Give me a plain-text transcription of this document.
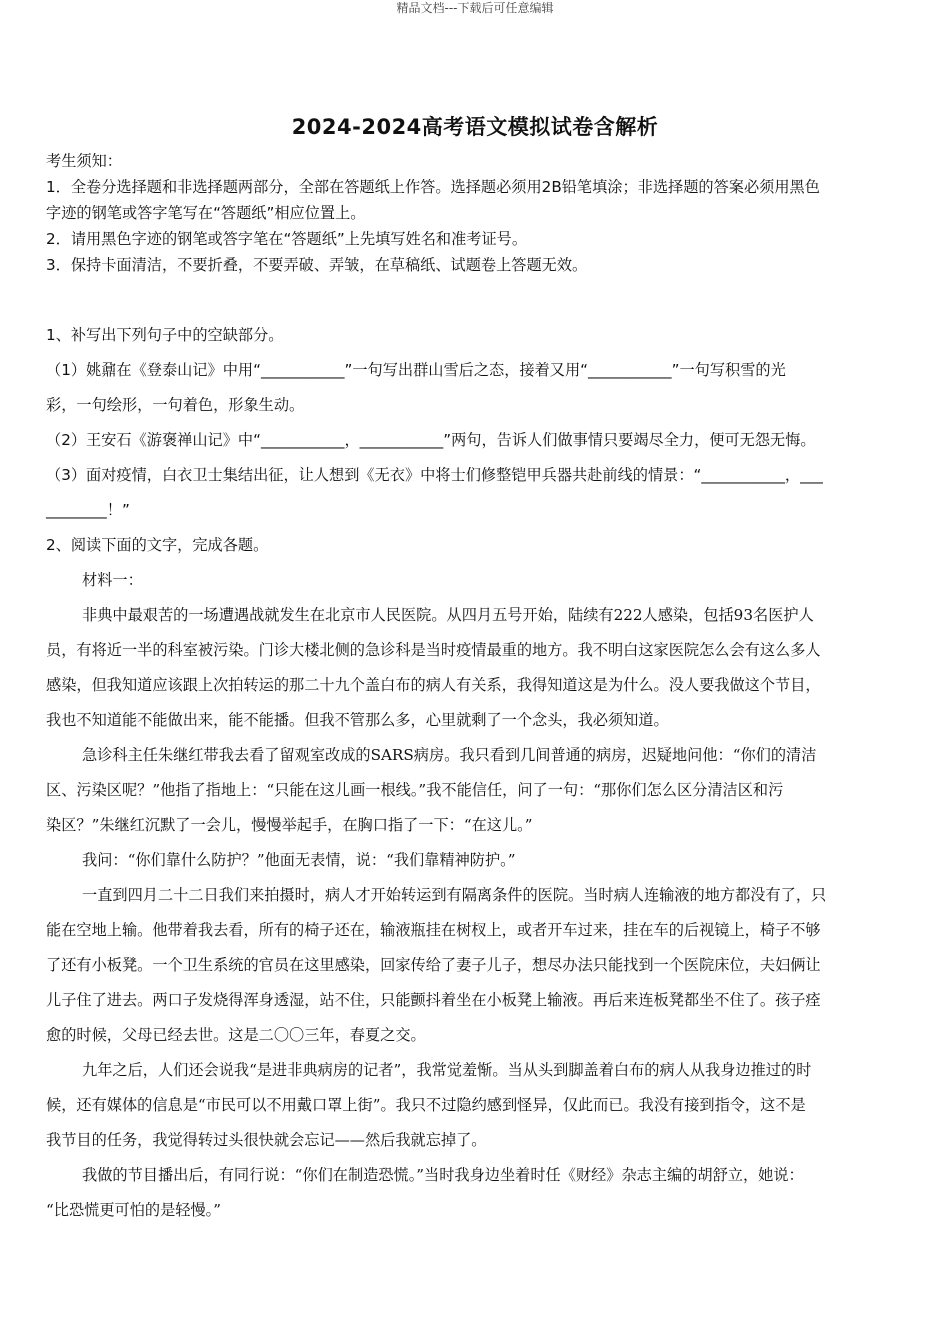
精品文档---下载后可任意编辑
2024-2024高考语文模拟试卷含解析
考生须知：
1．全卷分选择题和非选择题两部分，全部在答题纸上作答。选择题必须用2B铅笔填涂；非选择题的答案必须用黑色
字迹的钢笔或答字笔写在“答题纸”相应位置上。
2．请用黑色字迹的钢笔或答字笔在“答题纸”上先填写姓名和准考证号。
3．保持卡面清洁，不要折叠，不要弄破、弄皱，在草稿纸、试题卷上答题无效。
1、补写出下列句子中的空缺部分。
（1）姚鼐在《登泰山记》中用“___________”一句写出群山雪后之态，接着又用“___________”一句写积雪的光
彩，一句绘形，一句着色，形象生动。
（2）王安石《游褒禅山记》中“___________，___________”两句，告诉人们做事情只要竭尽全力，便可无怨无悔。
（3）面对疫情，白衣卫士集结出征，让人想到《无衣》中将士们修整铠甲兵器共赴前线的情景：“___________，___
________！”
2、阅读下面的文字，完成各题。
材料一：
非典中最艰苦的一场遭遇战就发生在北京市人民医院。从四月五号开始，陆续有222人感染，包括93名医护人
员，有将近一半的科室被污染。门诊大楼北侧的急诊科是当时疫情最重的地方。我不明白这家医院怎么会有这么多人
感染，但我知道应该跟上次拍转运的那二十九个盖白布的病人有关系，我得知道这是为什么。没人要我做这个节目，
我也不知道能不能做出来，能不能播。但我不管那么多，心里就剩了一个念头，我必须知道。
急诊科主任朱继红带我去看了留观室改成的SARS病房。我只看到几间普通的病房，迟疑地问他：“你们的清洁
区、污染区呢？”他指了指地上：“只能在这儿画一根线。”我不能信任，问了一句：“那你们怎么区分清洁区和污
染区？”朱继红沉默了一会儿，慢慢举起手，在胸口指了一下：“在这儿。”
我问：“你们靠什么防护？”他面无表情，说：“我们靠精神防护。”
一直到四月二十二日我们来拍摄时，病人才开始转运到有隔离条件的医院。当时病人连输液的地方都没有了，只
能在空地上输。他带着我去看，所有的椅子还在，输液瓶挂在树杈上，或者开车过来，挂在车的后视镜上，椅子不够
了还有小板凳。一个卫生系统的官员在这里感染，回家传给了妻子儿子，想尽办法只能找到一个医院床位，夫妇俩让
儿子住了进去。两口子发烧得浑身透湿，站不住，只能颤抖着坐在小板凳上输液。再后来连板凳都坐不住了。孩子痊
愈的时候，父母已经去世。这是二〇〇三年，春夏之交。
九年之后，人们还会说我“是进非典病房的记者”，我常觉羞惭。当从头到脚盖着白布的病人从我身边推过的时
候，还有媒体的信息是“市民可以不用戴口罩上街”。我只不过隐约感到怪异，仅此而已。我没有接到指令，这不是
我节目的任务，我觉得转过头很快就会忘记——然后我就忘掉了。
我做的节目播出后，有同行说：“你们在制造恐慌。”当时我身边坐着时任《财经》杂志主编的胡舒立，她说：
“比恐慌更可怕的是轻慢。”
